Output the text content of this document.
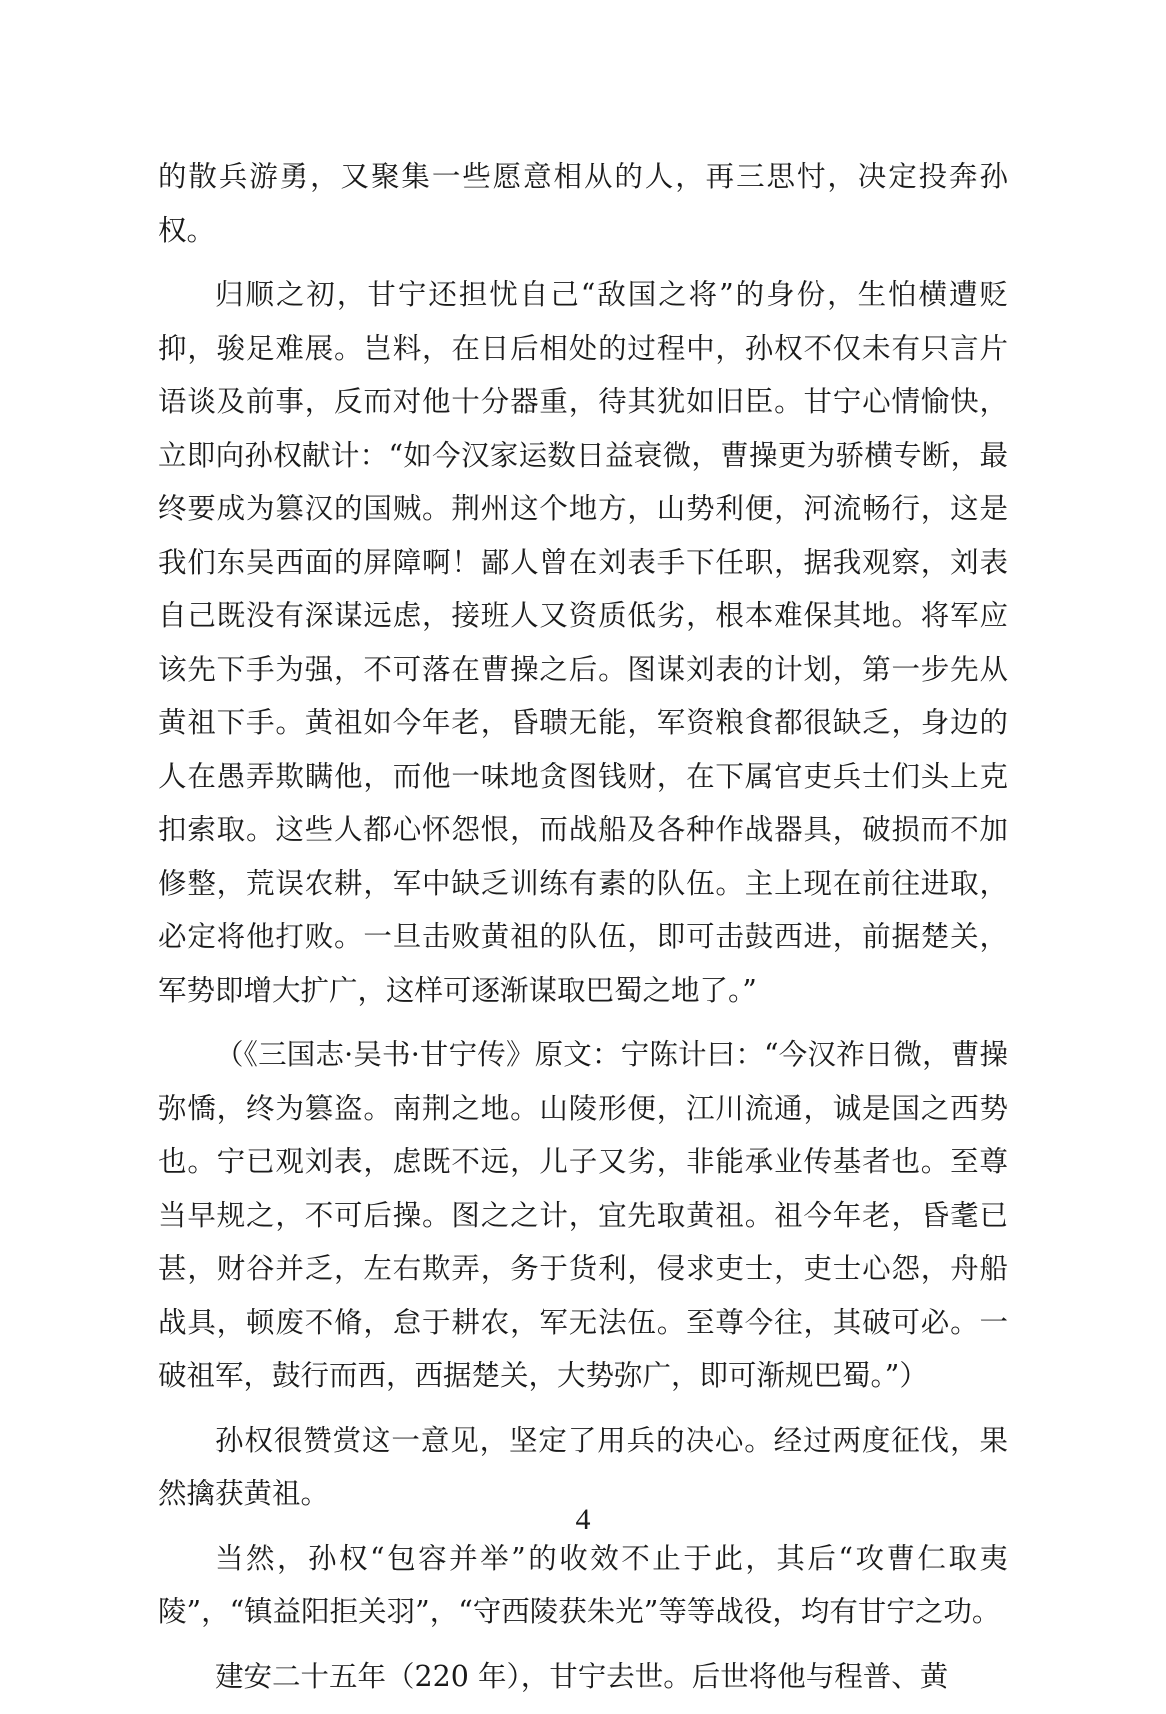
的散兵游勇，又聚集一些愿意相从的人，再三思忖，决定投奔孙权。

归顺之初，甘宁还担忧自己“敌国之将”的身份，生怕横遭贬抑，骏足难展。岂料，在日后相处的过程中，孙权不仅未有只言片语谈及前事，反而对他十分器重，待其犹如旧臣。甘宁心情愉快，立即向孙权献计：“如今汉家运数日益衰微，曹操更为骄横专断，最终要成为篡汉的国贼。荆州这个地方，山势利便，河流畅行，这是我们东吴西面的屏障啊！鄙人曾在刘表手下任职，据我观察，刘表自己既没有深谋远虑，接班人又资质低劣，根本难保其地。将军应该先下手为强，不可落在曹操之后。图谋刘表的计划，第一步先从黄祖下手。黄祖如今年老，昏聩无能，军资粮食都很缺乏，身边的人在愚弄欺瞒他，而他一味地贪图钱财，在下属官吏兵士们头上克扣索取。这些人都心怀怨恨，而战船及各种作战器具，破损而不加修整，荒误农耕，军中缺乏训练有素的队伍。主上现在前往进取，必定将他打败。一旦击败黄祖的队伍，即可击鼓西进，前据楚关，军势即增大扩广，这样可逐渐谋取巴蜀之地了。”

（《三国志·吴书·甘宁传》原文：宁陈计曰：“今汉祚日微，曹操弥憍，终为篡盗。南荆之地。山陵形便，江川流通，诚是国之西势也。宁已观刘表，虑既不远，儿子又劣，非能承业传基者也。至尊当早规之，不可后操。图之之计，宜先取黄祖。祖今年老，昏耄已甚，财谷并乏，左右欺弄，务于货利，侵求吏士，吏士心怨，舟船战具，顿废不脩，怠于耕农，军无法伍。至尊今往，其破可必。一破祖军，鼓行而西，西据楚关，大势弥广，即可渐规巴蜀。”）

孙权很赞赏这一意见，坚定了用兵的决心。经过两度征伐，果然擒获黄祖。

当然，孙权“包容并举”的收效不止于此，其后“攻曹仁取夷陵”，“镇益阳拒关羽”，“守西陵获朱光”等等战役，均有甘宁之功。

建安二十五年（220 年），甘宁去世。后世将他与程普、黄

4
